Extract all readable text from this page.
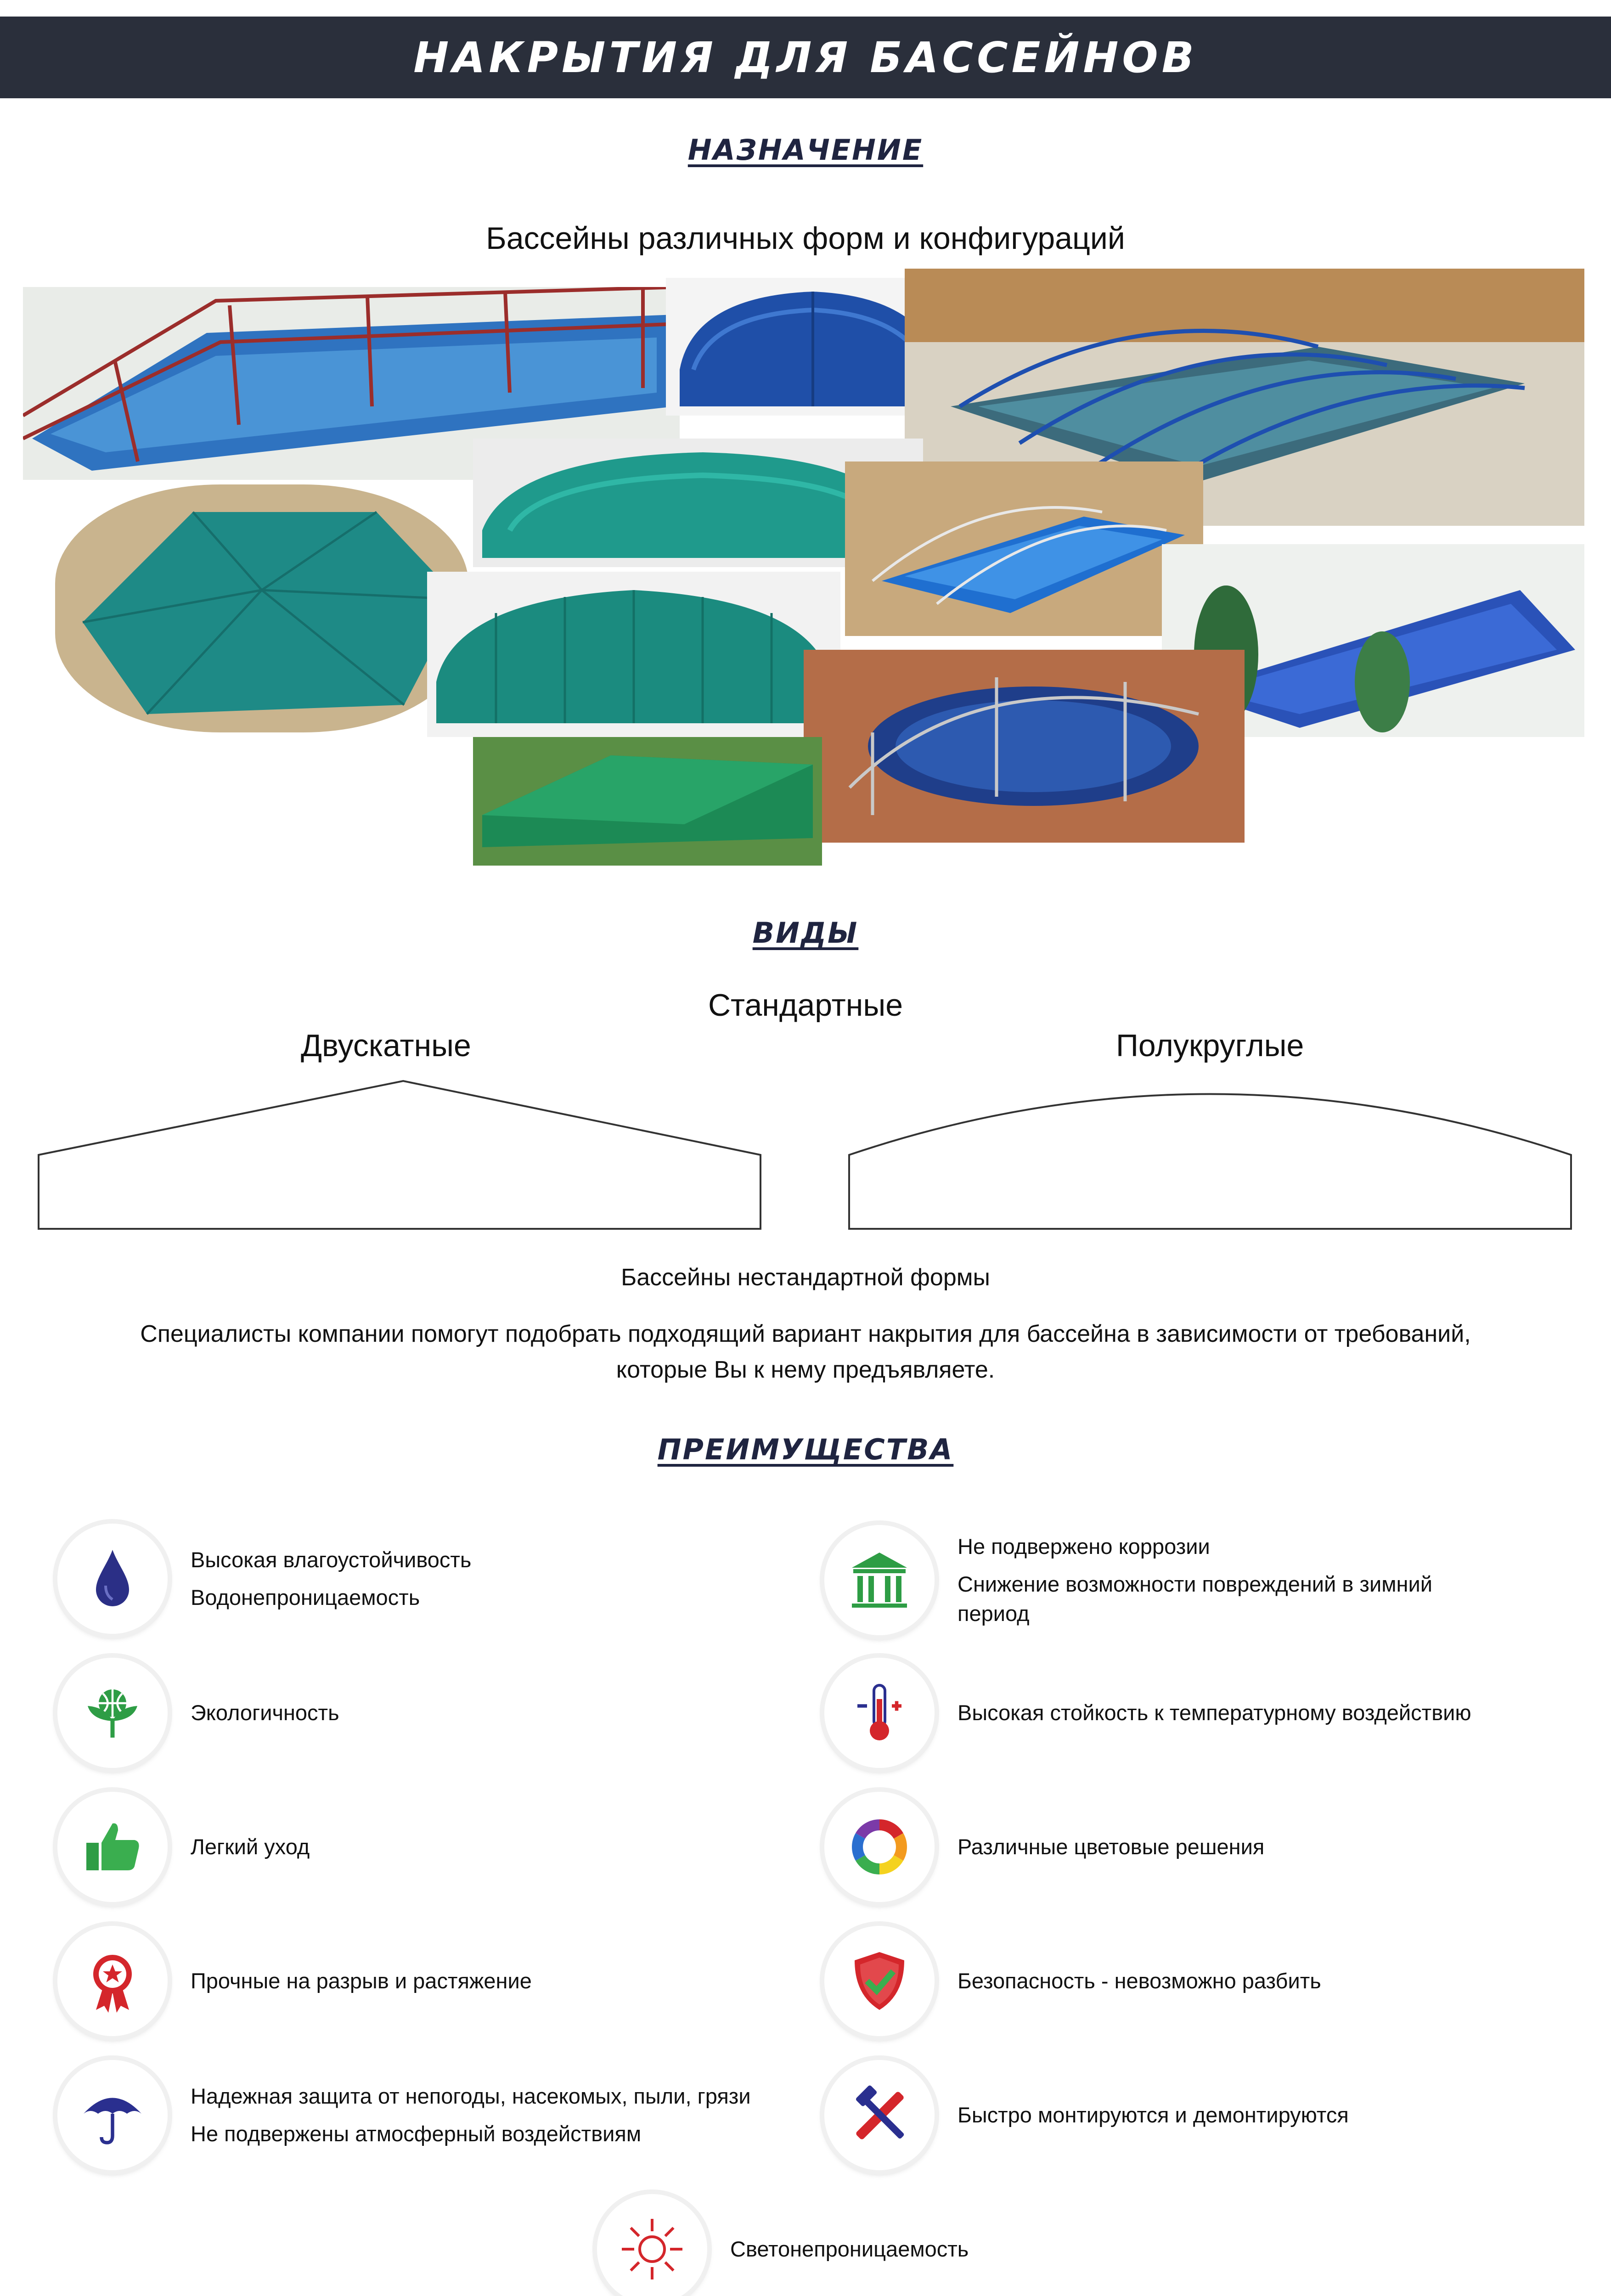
НАКРЫТИЯ ДЛЯ БАССЕЙНОВ
НАЗНАЧЕНИЕ
Бассейны различных форм и конфигураций
ВИДЫ
Стандартные
Двускатные	Полукруглые
Бассейны нестандартной формы
Специалисты компании помогут подобрать подходящий вариант накрытия для бассейна в зависимости от требований,
которые Вы к нему предъявляете.
ПРЕИМУЩЕСТВА
Высокая влагоустойчивость
Водонепроницаемость
Не подвержено коррозии
Снижение возможности повреждений в зимний период
Экологичность	Высокая стойкость к температурному воздействию
Легкий уход	Различные цветовые решения
Прочные на разрыв и растяжение	Безопасность - невозможно разбить
Надежная защита от непогоды, насекомых, пыли, грязи
Не подвержены атмосферный воздействиям
Быстро монтируются и демонтируются
Светонепроницаемость
